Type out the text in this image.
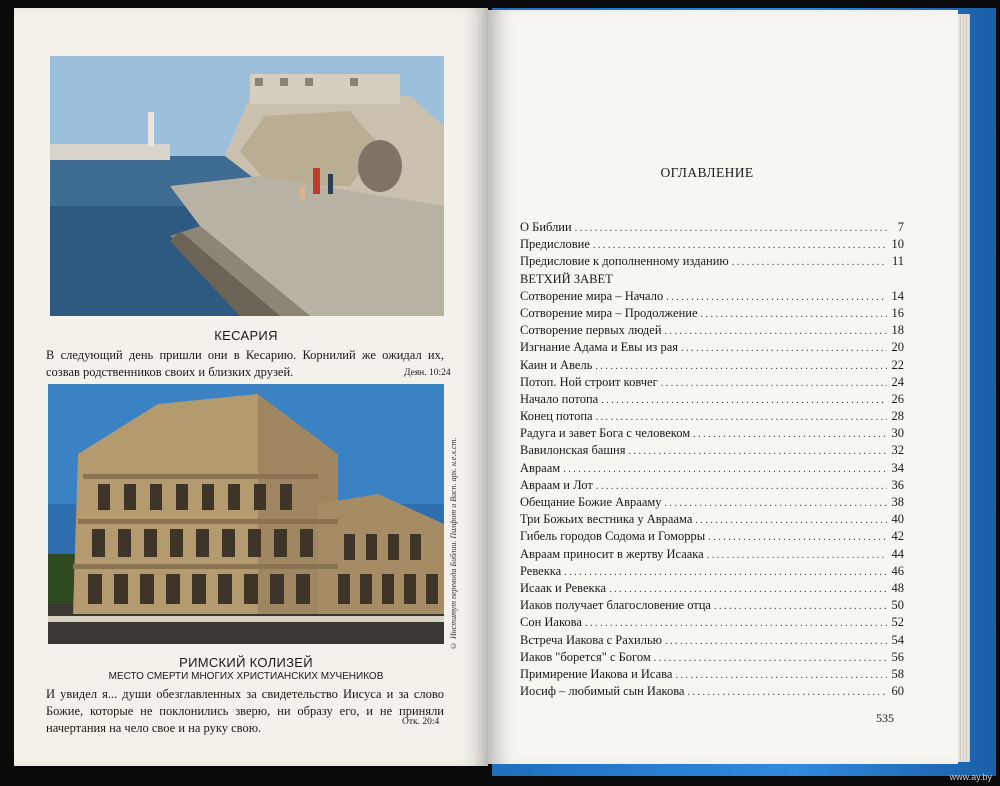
КЕСАРИЯ
В следующий день пришли они в Кесарию. Корнилий же ожидал их, созвав родственников своих и близких друзей.	Деян. 10:24
© Институт перевода Библии. Палфот и Висп. арх. н.е.х.ст.
РИМСКИЙ КОЛИЗЕЙ
МЕСТО СМЕРТИ МНОГИХ ХРИСТИАНСКИХ МУЧЕНИКОВ
И увидел я... души обезглавленных за свидетельство Иисуса и за слово Божие, которые не поклонились зверю, ни образу его, и не приняли начертания на чело свое и на руку свою.	Отк. 20:4
ОГЛАВЛЕНИЕ
О Библии . . .	7
Предисловие . . .	10
Предисловие к дополненному изданию . . .	11
ВЕТХИЙ ЗАВЕТ
Сотворение мира – Начало . . .	14
Сотворение мира – Продолжение . . .	16
Сотворение первых людей . . .	18
Изгнание Адама и Евы из рая . . .	20
Каин и Авель . . .	22
Потоп. Ной строит ковчег . . .	24
Начало потопа . . .	26
Конец потопа . . .	28
Радуга и завет Бога с человеком . . .	30
Вавилонская башня . . .	32
Авраам . . .	34
Авраам и Лот . . .	36
Обещание Божие Аврааму . . .	38
Три Божьих вестника у Авраама . . .	40
Гибель городов Содома и Гоморры . . .	42
Авраам приносит в жертву Исаака . . .	44
Ревекка . . .	46
Исаак и Ревекка . . .	48
Иаков получает благословение отца . . .	50
Сон Иакова . . .	52
Встреча Иакова с Рахилью . . .	54
Иаков "борется" с Богом . . .	56
Примирение Иакова и Исава . . .	58
Иосиф – любимый сын Иакова . . .	60
535
www.ay.by
